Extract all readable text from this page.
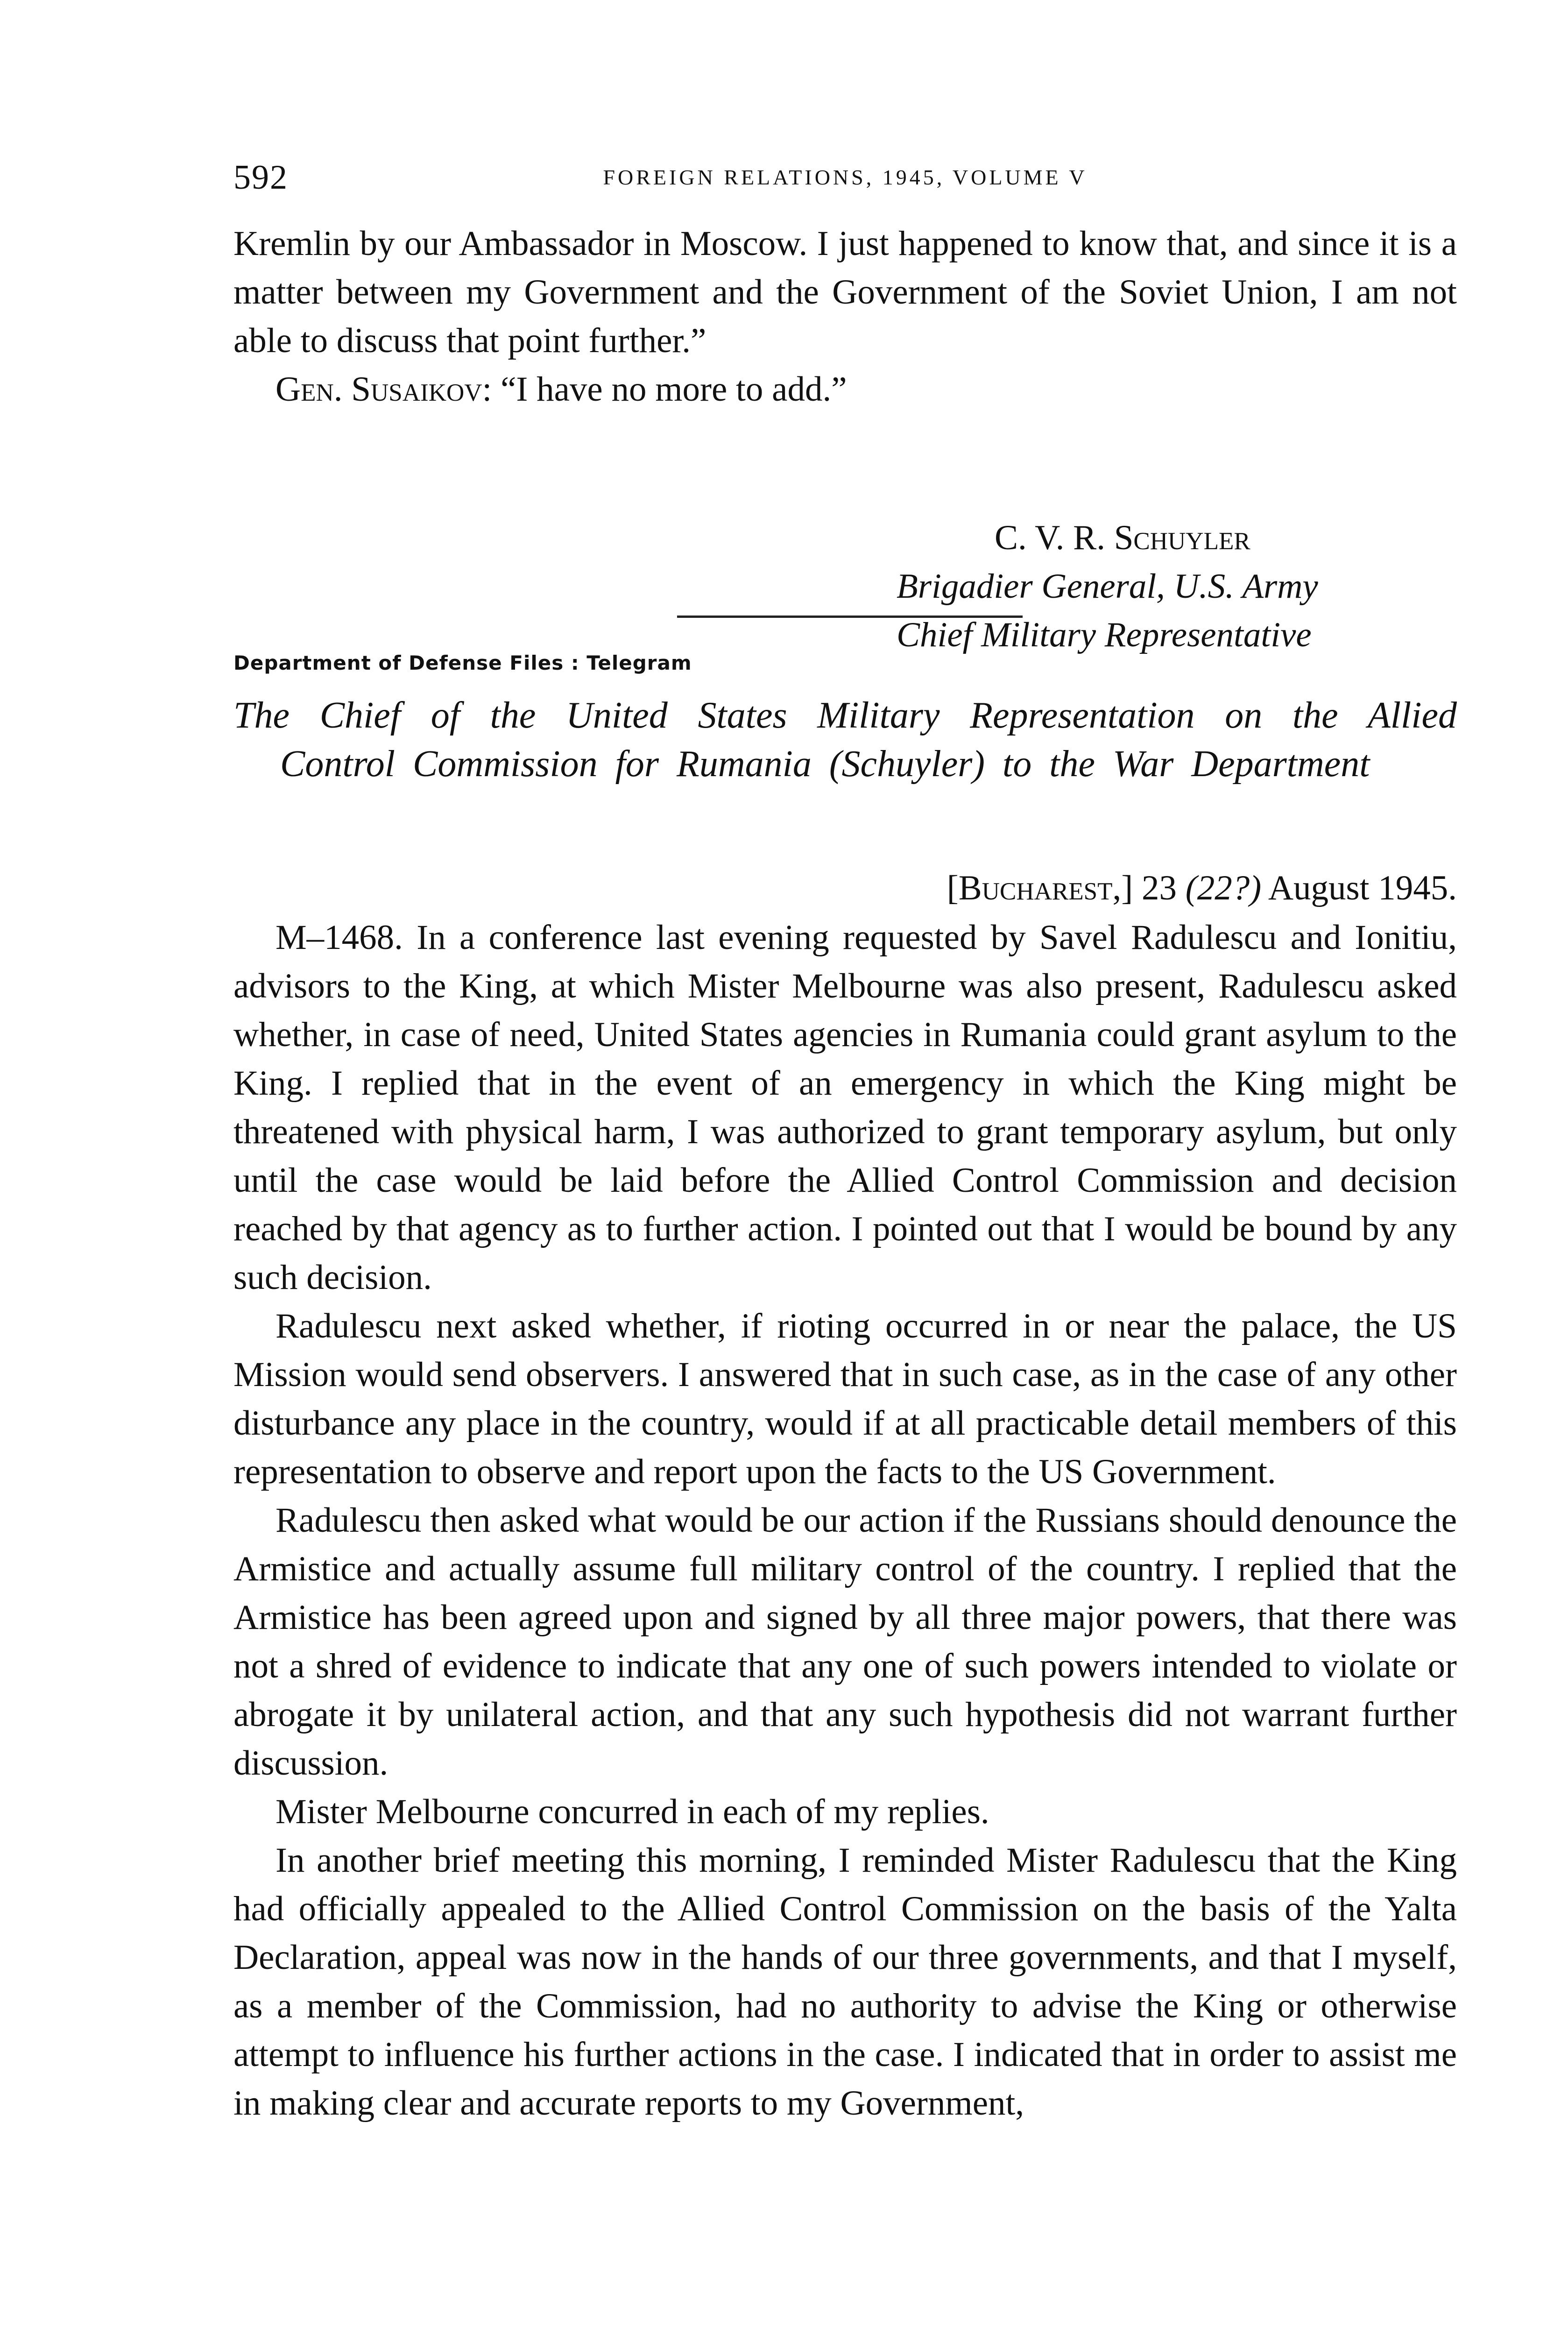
592	FOREIGN RELATIONS, 1945, VOLUME V

Kremlin by our Ambassador in Moscow. I just happened to know that, and since it is a matter between my Government and the Government of the Soviet Union, I am not able to discuss that point further.”

Gen. Susaikov: “I have no more to add.”

C. V. R. Schuyler
Brigadier General, U.S. Army
Chief Military Representative
Department of Defense Files : Telegram
The Chief of the United States Military Representation on the Allied Control Commission for Rumania (Schuyler) to the War Department
[Bucharest,] 23 (22?) August 1945.

M–1468. In a conference last evening requested by Savel Radulescu and Ionitiu, advisors to the King, at which Mister Melbourne was also present, Radulescu asked whether, in case of need, United States agencies in Rumania could grant asylum to the King. I replied that in the event of an emergency in which the King might be threatened with physical harm, I was authorized to grant temporary asylum, but only until the case would be laid before the Allied Control Commission and decision reached by that agency as to further action. I pointed out that I would be bound by any such decision.

Radulescu next asked whether, if rioting occurred in or near the palace, the US Mission would send observers. I answered that in such case, as in the case of any other disturbance any place in the country, would if at all practicable detail members of this representation to observe and report upon the facts to the US Government.

Radulescu then asked what would be our action if the Russians should denounce the Armistice and actually assume full military control of the country. I replied that the Armistice has been agreed upon and signed by all three major powers, that there was not a shred of evidence to indicate that any one of such powers intended to violate or abrogate it by unilateral action, and that any such hypothesis did not warrant further discussion.

Mister Melbourne concurred in each of my replies.

In another brief meeting this morning, I reminded Mister Radulescu that the King had officially appealed to the Allied Control Commission on the basis of the Yalta Declaration, appeal was now in the hands of our three governments, and that I myself, as a member of the Commission, had no authority to advise the King or otherwise attempt to influence his further actions in the case. I indicated that in order to assist me in making clear and accurate reports to my Government,
